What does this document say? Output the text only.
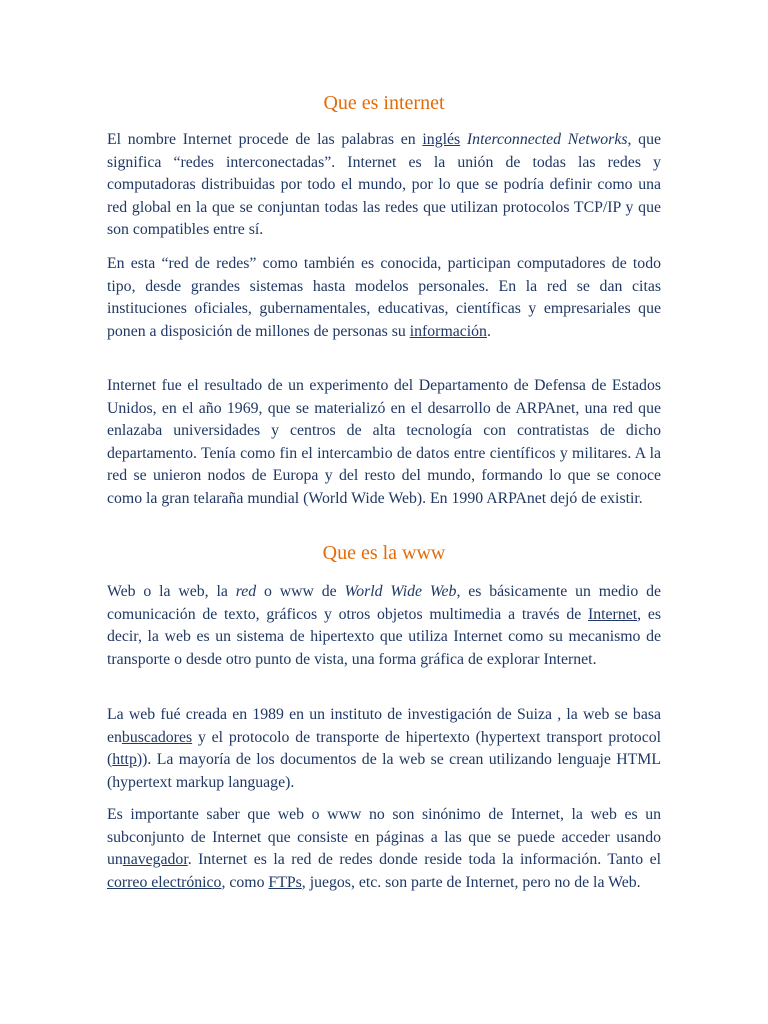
Que es internet

El nombre Internet procede de las palabras en inglés Interconnected Networks, que significa “redes interconectadas”. Internet es la unión de todas las redes y computadoras distribuidas por todo el mundo, por lo que se podría definir como una red global en la que se conjuntan todas las redes que utilizan protocolos TCP/IP y que son compatibles entre sí.

En esta “red de redes” como también es conocida, participan computadores de todo tipo, desde grandes sistemas hasta modelos personales. En la red se dan citas instituciones oficiales, gubernamentales, educativas, científicas y empresariales que ponen a disposición de millones de personas su información.

Internet fue el resultado de un experimento del Departamento de Defensa de Estados Unidos, en el año 1969, que se materializó en el desarrollo de ARPAnet, una red que enlazaba universidades y centros de alta tecnología con contratistas de dicho departamento. Tenía como fin el intercambio de datos entre científicos y militares. A la red se unieron nodos de Europa y del resto del mundo, formando lo que se conoce como la gran telaraña mundial (World Wide Web). En 1990 ARPAnet dejó de existir.

Que es la www

Web o la web, la red o www de World Wide Web, es básicamente un medio de comunicación de texto, gráficos y otros objetos multimedia a través de Internet, es decir, la web es un sistema de hipertexto que utiliza Internet como su mecanismo de transporte o desde otro punto de vista, una forma gráfica de explorar Internet.

La web fué creada en 1989 en un instituto de investigación de Suiza , la web se basa enbuscadores y el protocolo de transporte de hipertexto (hypertext transport protocol (http)). La mayoría de los documentos de la web se crean utilizando lenguaje HTML (hypertext markup language).

Es importante saber que web o www no son sinónimo de Internet, la web es un subconjunto de Internet que consiste en páginas a las que se puede acceder usando unnavegador. Internet es la red de redes donde reside toda la información. Tanto el correo electrónico, como FTPs, juegos, etc. son parte de Internet, pero no de la Web.
